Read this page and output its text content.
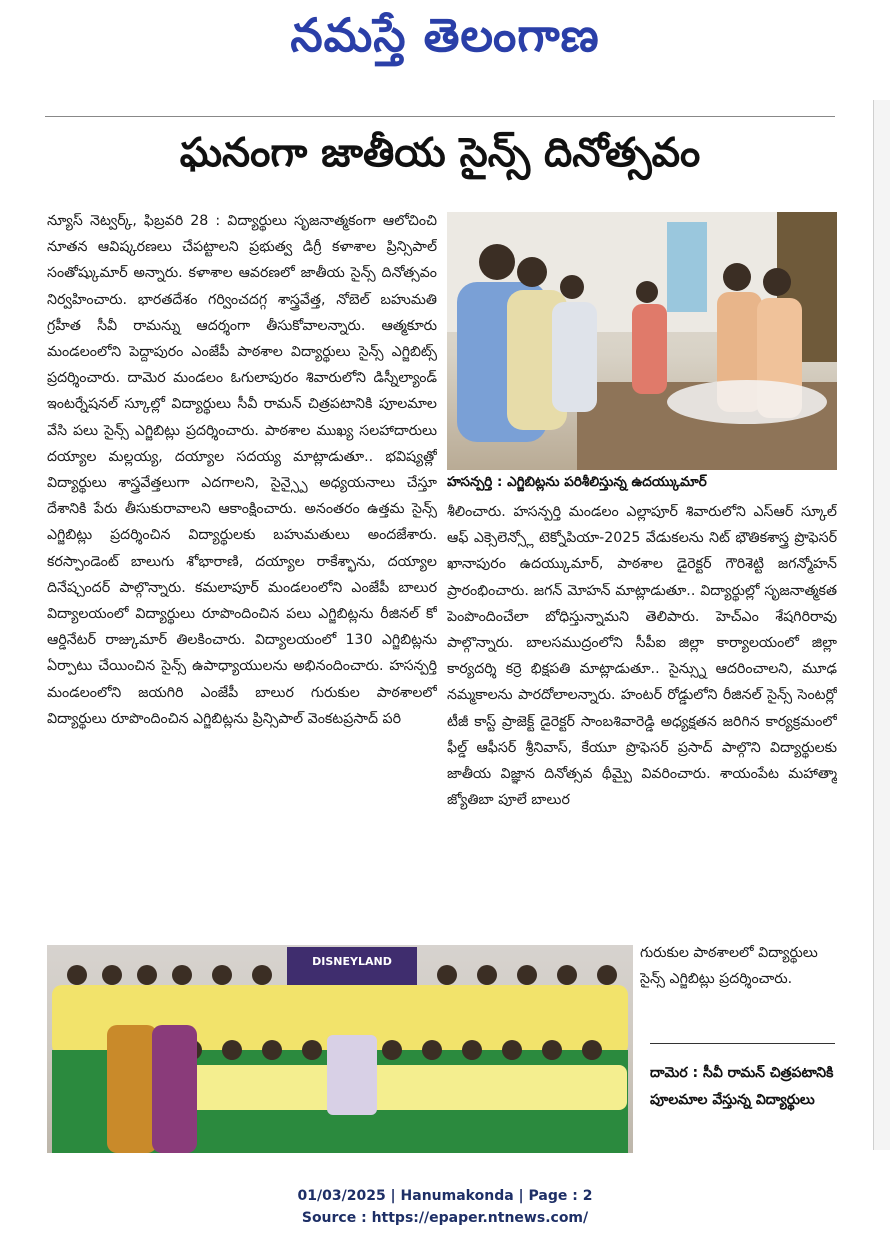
నమస్తే తెలంగాణ
ఘనంగా జాతీయ సైన్స్ దినోత్సవం
న్యూస్ నెట్వర్క్, ఫిబ్రవరి 28 : విద్యార్థులు సృజనాత్మకంగా ఆలోచించి నూతన ఆవిష్కరణలు చేపట్టాలని ప్రభుత్వ డిగ్రీ కళాశాల ప్రిన్సిపాల్ సంతోష్కుమార్ అన్నారు. కళాశాల ఆవరణలో జాతీయ సైన్స్ దినోత్సవం నిర్వహించారు. భారతదేశం గర్వించదగ్గ శాస్త్రవేత్త, నోబెల్ బహుమతి గ్రహీత సీవీ రామన్ను ఆదర్శంగా తీసుకోవాలన్నారు. ఆత్మకూరు మండలంలోని పెద్దాపురం ఎంజేపీ పాఠశాల విద్యార్థులు సైన్స్ ఎగ్జిబిట్స్ ప్రదర్శించారు. దామెర మండలం ఓగులాపురం శివారులోని డిస్నీల్యాండ్ ఇంటర్నేషనల్ స్కూల్లో విద్యార్థులు సీవీ రామన్ చిత్రపటానికి పూలమాల వేసి పలు సైన్స్ ఎగ్జిబిట్లు ప్రదర్శించారు. పాఠశాల ముఖ్య సలహాదారులు దయ్యాల మల్లయ్య, దయ్యాల సదయ్య మాట్లాడుతూ.. భవిష్యత్లో విద్యార్థులు శాస్త్రవేత్తలుగా ఎదగాలని, సైన్స్పై అధ్యయనాలు చేస్తూ దేశానికి పేరు తీసుకురావాలని ఆకాంక్షించారు. అనంతరం ఉత్తమ సైన్స్ ఎగ్జిబిట్లు ప్రదర్శించిన విద్యార్థులకు బహుమతులు అందజేశారు. కరస్పాండెంట్ బాలుగు శోభారాణి, దయ్యాల రాకేశ్భాను, దయ్యాల దినేష్చందర్ పాల్గొన్నారు. కమలాపూర్ మండలంలోని ఎంజేపీ బాలుర విద్యాలయంలో విద్యార్థులు రూపొందించిన పలు ఎగ్జిబిట్లను రీజినల్ కో ఆర్డినేటర్ రాజ్కుమార్ తిలకించారు. విద్యాలయంలో 130 ఎగ్జిబిట్లను ఏర్పాటు చేయించిన సైన్స్ ఉపాధ్యాయులను అభినందించారు. హసన్పర్తి మండలంలోని జయగిరి ఎంజేపీ బాలుర గురుకుల పాఠశాలలో విద్యార్థులు రూపొందించిన ఎగ్జిబిట్లను ప్రిన్సిపాల్ వెంకటప్రసాద్ పరి
హసన్పర్తి : ఎగ్జిబిట్లను పరిశీలిస్తున్న ఉదయ్కుమార్
శీలించారు. హసన్పర్తి మండలం ఎల్లాపూర్ శివారులోని ఎస్ఆర్ స్కూల్ ఆఫ్ ఎక్సెలెన్స్లో టెక్నోపియా-2025 వేడుకలను నిట్ భౌతికశాస్త్ర ప్రొఫెసర్ ఖానాపురం ఉదయ్కుమార్, పాఠశాల డైరెక్టర్ గౌరిశెట్టి జగన్మోహన్ ప్రారంభించారు. జగన్ మోహన్ మాట్లాడుతూ.. విద్యార్థుల్లో సృజనాత్మకత పెంపొందించేలా బోధిస్తున్నామని తెలిపారు. హెచ్ఎం శేషగిరిరావు పాల్గొన్నారు. బాలసముద్రంలోని సీపీఐ జిల్లా కార్యాలయంలో జిల్లా కార్యదర్శి కర్రె భిక్షపతి మాట్లాడుతూ.. సైన్స్ను ఆదరించాలని, మూఢ నమ్మకాలను పారదోలాలన్నారు. హంటర్ రోడ్డులోని రీజినల్ సైన్స్ సెంటర్లో టీజీ కాస్ట్ ప్రాజెక్ట్ డైరెక్టర్ సాంబశివారెడ్డి అధ్యక్షతన జరిగిన కార్యక్రమంలో ఫీల్డ్ ఆఫీసర్ శ్రీనివాస్, కేయూ ప్రొఫెసర్ ప్రసాద్ పాల్గొని విద్యార్థులకు జాతీయ విజ్ఞాన దినోత్సవ థీమ్పై వివరించారు. శాయంపేట మహాత్మా జ్యోతిబా పూలే బాలుర
గురుకుల పాఠశాలలో విద్యార్థులు సైన్స్ ఎగ్జిబిట్లు ప్రదర్శించారు.
DISNEYLAND
దామెర : సీవీ రామన్ చిత్రపటానికి పూలమాల వేస్తున్న విద్యార్థులు
01/03/2025 | Hanumakonda | Page : 2
Source : https://epaper.ntnews.com/
